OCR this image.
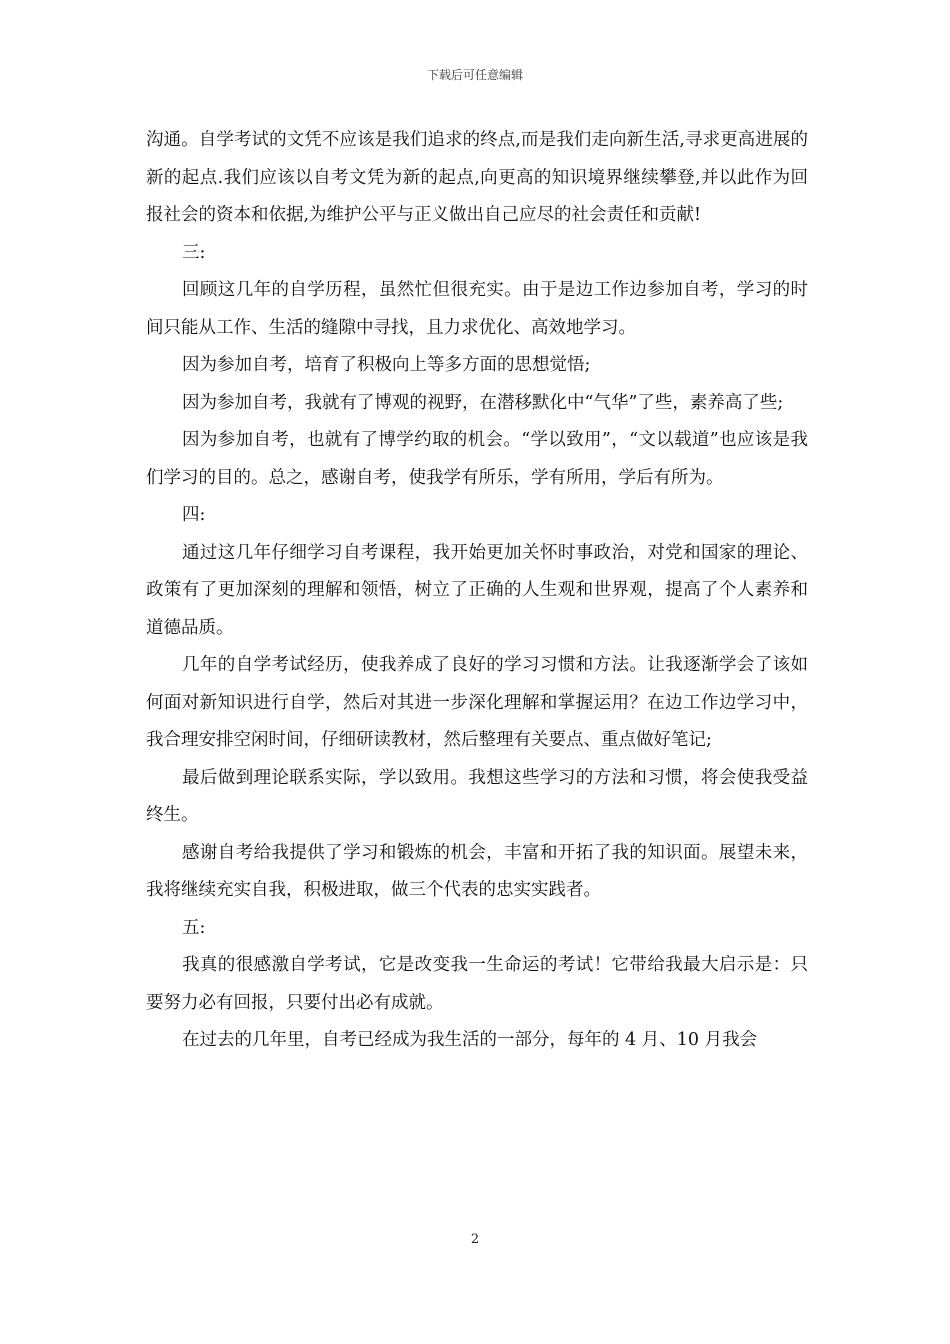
下载后可任意编辑

沟通。自学考试的文凭不应该是我们追求的终点,而是我们走向新生活,寻求更高进展的新的起点.我们应该以自考文凭为新的起点,向更高的知识境界继续攀登,并以此作为回报社会的资本和依据,为维护公平与正义做出自己应尽的社会责任和贡献!

三:

回顾这几年的自学历程，虽然忙但很充实。由于是边工作边参加自考，学习的时间只能从工作、生活的缝隙中寻找，且力求优化、高效地学习。

因为参加自考，培育了积极向上等多方面的思想觉悟;

因为参加自考，我就有了博观的视野，在潜移默化中“气华”了些，素养高了些;

因为参加自考，也就有了博学约取的机会。“学以致用”，“文以载道”也应该是我们学习的目的。总之，感谢自考，使我学有所乐，学有所用，学后有所为。

四:

通过这几年仔细学习自考课程，我开始更加关怀时事政治，对党和国家的理论、政策有了更加深刻的理解和领悟，树立了正确的人生观和世界观，提高了个人素养和道德品质。

几年的自学考试经历，使我养成了良好的学习习惯和方法。让我逐渐学会了该如何面对新知识进行自学，然后对其进一步深化理解和掌握运用？在边工作边学习中，我合理安排空闲时间，仔细研读教材，然后整理有关要点、重点做好笔记;

最后做到理论联系实际，学以致用。我想这些学习的方法和习惯，将会使我受益终生。

感谢自考给我提供了学习和锻炼的机会，丰富和开拓了我的知识面。展望未来，我将继续充实自我，积极进取，做三个代表的忠实实践者。

五:

我真的很感激自学考试，它是改变我一生命运的考试！它带给我最大启示是：只要努力必有回报，只要付出必有成就。

在过去的几年里，自考已经成为我生活的一部分，每年的 4 月、10 月我会

2
